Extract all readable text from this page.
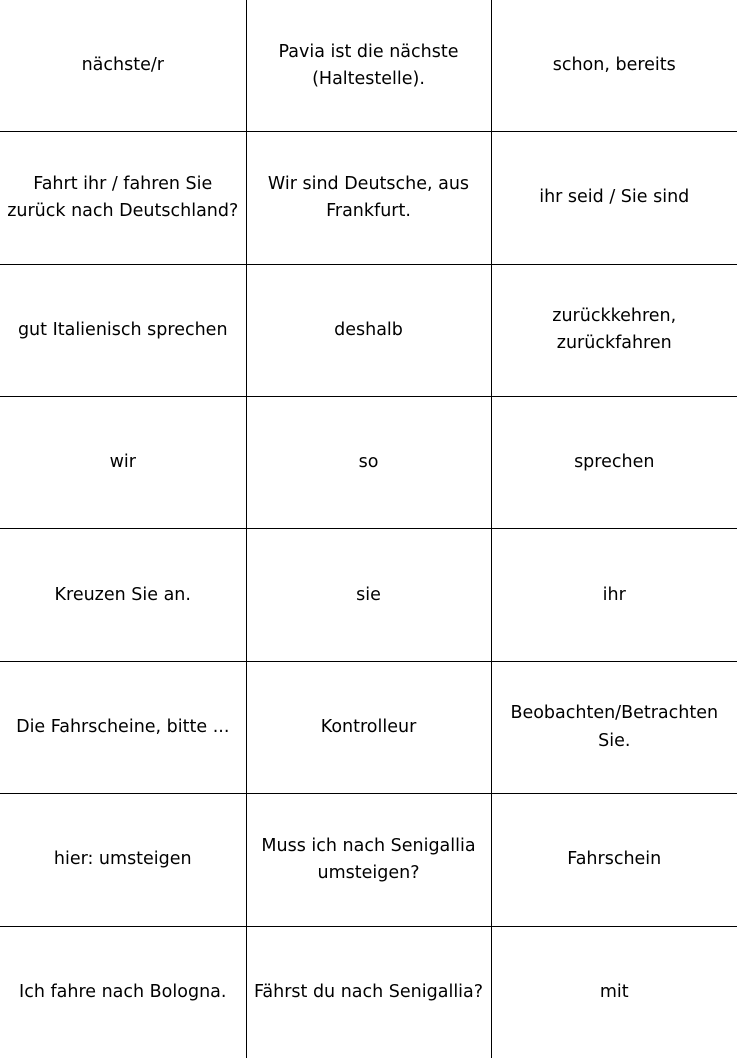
nächste/r	Pavia ist die nächste (Haltestelle).	schon, bereits
Fahrt ihr / fahren Sie zurück nach Deutschland?	Wir sind Deutsche, aus Frankfurt.	ihr seid / Sie sind
gut Italienisch sprechen	deshalb	zurückkehren, zurückfahren
wir	so	sprechen
Kreuzen Sie an.	sie	ihr
Die Fahrscheine, bitte ...	Kontrolleur	Beobachten/Betrachten Sie.
hier: umsteigen	Muss ich nach Senigallia umsteigen?	Fahrschein
Ich fahre nach Bologna.	Fährst du nach Senigallia?	mit
